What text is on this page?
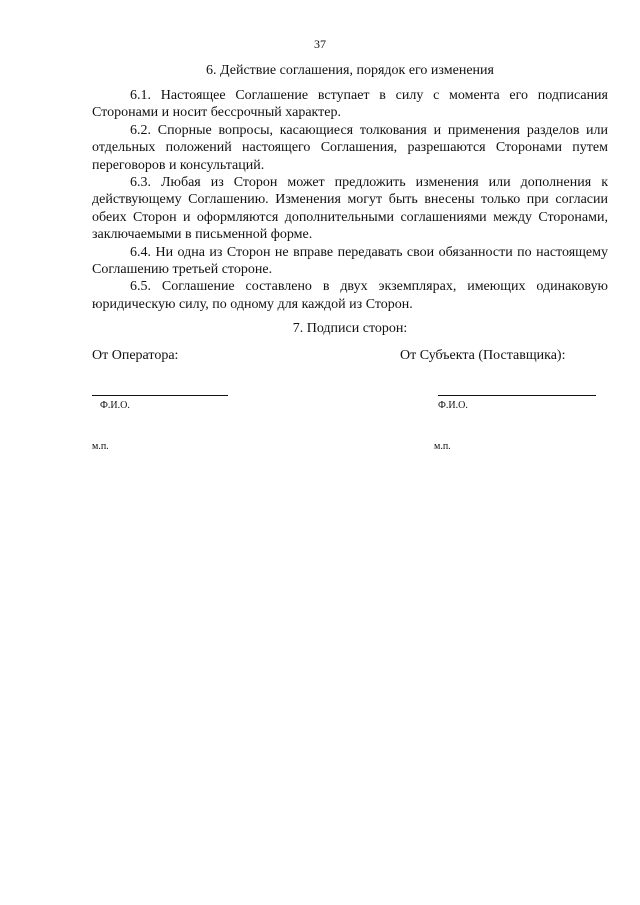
37
6. Действие соглашения, порядок его изменения

6.1. Настоящее Соглашение вступает в силу с момента его подписания Сторонами и носит бессрочный характер.

6.2. Спорные вопросы, касающиеся толкования и применения разделов или отдельных положений настоящего Соглашения, разрешаются Сторонами путем переговоров и консультаций.

6.3. Любая из Сторон может предложить изменения или дополнения к действующему Соглашению. Изменения могут быть внесены только при согласии обеих Сторон и оформляются дополнительными соглашениями между Сторонами, заключаемыми в письменной форме.

6.4. Ни одна из Сторон не вправе передавать свои обязанности по настоящему Соглашению третьей стороне.

6.5. Соглашение составлено в двух экземплярах, имеющих одинаковую юридическую силу, по одному для каждой из Сторон.

7. Подписи сторон:
От Оператора:
Ф.И.О.
м.п.
От Субъекта (Поставщика):
Ф.И.О.
м.п.
